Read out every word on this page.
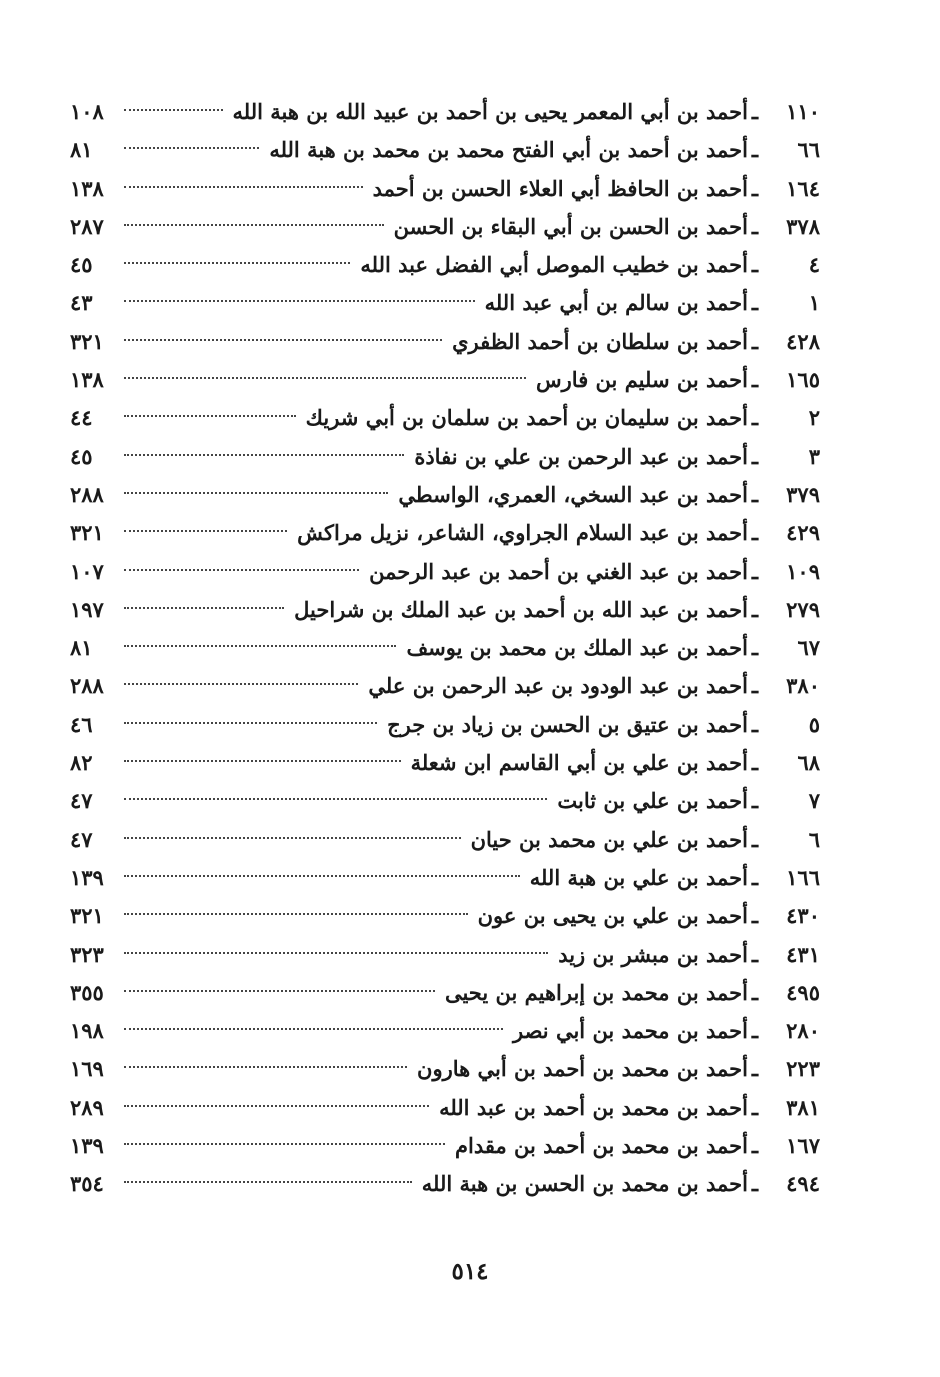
١١٠
ـ
أحمد بن أبي المعمر يحيى بن أحمد بن عبيد الله بن هبة الله
١٠٨
٦٦
ـ
أحمد بن أحمد بن أبي الفتح محمد بن محمد بن هبة الله
٨١
١٦٤
ـ
أحمد بن الحافظ أبي العلاء الحسن بن أحمد
١٣٨
٣٧٨
ـ
أحمد بن الحسن بن أبي البقاء بن الحسن
٢٨٧
٤
ـ
أحمد بن خطيب الموصل أبي الفضل عبد الله
٤٥
١
ـ
أحمد بن سالم بن أبي عبد الله
٤٣
٤٢٨
ـ
أحمد بن سلطان بن أحمد الظفري
٣٢١
١٦٥
ـ
أحمد بن سليم بن فارس
١٣٨
٢
ـ
أحمد بن سليمان بن أحمد بن سلمان بن أبي شريك
٤٤
٣
ـ
أحمد بن عبد الرحمن بن علي بن نفاذة
٤٥
٣٧٩
ـ
أحمد بن عبد السخي، العمري، الواسطي
٢٨٨
٤٢٩
ـ
أحمد بن عبد السلام الجراوي، الشاعر، نزيل مراكش
٣٢١
١٠٩
ـ
أحمد بن عبد الغني بن أحمد بن عبد الرحمن
١٠٧
٢٧٩
ـ
أحمد بن عبد الله بن أحمد بن عبد الملك بن شراحيل
١٩٧
٦٧
ـ
أحمد بن عبد الملك بن محمد بن يوسف
٨١
٣٨٠
ـ
أحمد بن عبد الودود بن عبد الرحمن بن علي
٢٨٨
٥
ـ
أحمد بن عتيق بن الحسن بن زياد بن جرج
٤٦
٦٨
ـ
أحمد بن علي بن أبي القاسم ابن شعلة
٨٢
٧
ـ
أحمد بن علي بن ثابت
٤٧
٦
ـ
أحمد بن علي بن محمد بن حيان
٤٧
١٦٦
ـ
أحمد بن علي بن هبة الله
١٣٩
٤٣٠
ـ
أحمد بن علي بن يحيى بن عون
٣٢١
٤٣١
ـ
أحمد بن مبشر بن زيد
٣٢٣
٤٩٥
ـ
أحمد بن محمد بن إبراهيم بن يحيى
٣٥٥
٢٨٠
ـ
أحمد بن محمد بن أبي نصر
١٩٨
٢٢٣
ـ
أحمد بن محمد بن أحمد بن أبي هارون
١٦٩
٣٨١
ـ
أحمد بن محمد بن أحمد بن عبد الله
٢٨٩
١٦٧
ـ
أحمد بن محمد بن أحمد بن مقدام
١٣٩
٤٩٤
ـ
أحمد بن محمد بن الحسن بن هبة الله
٣٥٤
٥١٤
